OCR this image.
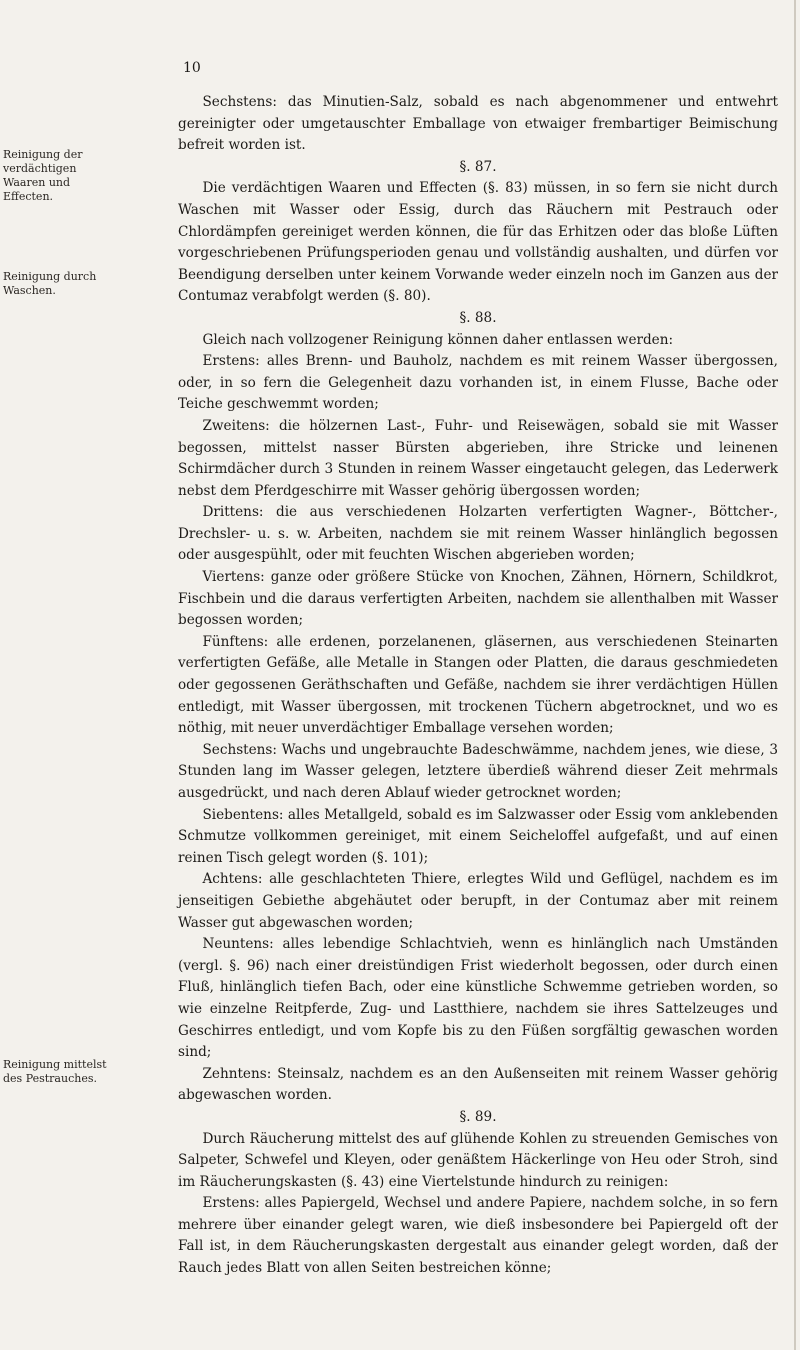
10
Reinigung der verdächtigen Waaren und Effecten.
Reinigung durch Waschen.
Reinigung mittelst des Pestrauches.

Sechstens: das Minutien-Salz, sobald es nach abgenommener und entwehrt gereinigter oder umgetauschter Emballage von etwaiger frembartiger Beimischung befreit worden ist.

§. 87.

Die verdächtigen Waaren und Effecten (§. 83) müssen, in so fern sie nicht durch Waschen mit Wasser oder Essig, durch das Räuchern mit Pestrauch oder Chlordämpfen gereiniget werden können, die für das Erhitzen oder das bloße Lüften vorgeschriebenen Prüfungsperioden genau und vollständig aushalten, und dürfen vor Beendigung derselben unter keinem Vorwande weder einzeln noch im Ganzen aus der Contumaz verabfolgt werden (§. 80).

§. 88.

Gleich nach vollzogener Reinigung können daher entlassen werden:

Erstens: alles Brenn- und Bauholz, nachdem es mit reinem Wasser übergossen, oder, in so fern die Gelegenheit dazu vorhanden ist, in einem Flusse, Bache oder Teiche geschwemmt worden;

Zweitens: die hölzernen Last-, Fuhr- und Reisewägen, sobald sie mit Wasser begossen, mittelst nasser Bürsten abgerieben, ihre Stricke und leinenen Schirmdächer durch 3 Stunden in reinem Wasser eingetaucht gelegen, das Lederwerk nebst dem Pferdgeschirre mit Wasser gehörig übergossen worden;

Drittens: die aus verschiedenen Holzarten verfertigten Wagner-, Böttcher-, Drechsler- u. s. w. Arbeiten, nachdem sie mit reinem Wasser hinlänglich begossen oder ausgespühlt, oder mit feuchten Wischen abgerieben worden;

Viertens: ganze oder größere Stücke von Knochen, Zähnen, Hörnern, Schildkrot, Fischbein und die daraus verfertigten Arbeiten, nachdem sie allenthalben mit Wasser begossen worden;

Fünftens: alle erdenen, porzelanenen, gläsernen, aus verschiedenen Steinarten verfertigten Gefäße, alle Metalle in Stangen oder Platten, die daraus geschmiedeten oder gegossenen Geräthschaften und Gefäße, nachdem sie ihrer verdächtigen Hüllen entledigt, mit Wasser übergossen, mit trockenen Tüchern abgetrocknet, und wo es nöthig, mit neuer unverdächtiger Emballage versehen worden;

Sechstens: Wachs und ungebrauchte Badeschwämme, nachdem jenes, wie diese, 3 Stunden lang im Wasser gelegen, letztere überdieß während dieser Zeit mehrmals ausgedrückt, und nach deren Ablauf wieder getrocknet worden;

Siebentens: alles Metallgeld, sobald es im Salzwasser oder Essig vom anklebenden Schmutze vollkommen gereiniget, mit einem Seicheloffel aufgefaßt, und auf einen reinen Tisch gelegt worden (§. 101);

Achtens: alle geschlachteten Thiere, erlegtes Wild und Geflügel, nachdem es im jenseitigen Gebiethe abgehäutet oder berupft, in der Contumaz aber mit reinem Wasser gut abgewaschen worden;

Neuntens: alles lebendige Schlachtvieh, wenn es hinlänglich nach Umständen (vergl. §. 96) nach einer dreistündigen Frist wiederholt begossen, oder durch einen Fluß, hinlänglich tiefen Bach, oder eine künstliche Schwemme getrieben worden, so wie einzelne Reitpferde, Zug- und Lastthiere, nachdem sie ihres Sattelzeuges und Geschirres entledigt, und vom Kopfe bis zu den Füßen sorgfältig gewaschen worden sind;

Zehntens: Steinsalz, nachdem es an den Außenseiten mit reinem Wasser gehörig abgewaschen worden.

§. 89.

Durch Räucherung mittelst des auf glühende Kohlen zu streuenden Gemisches von Salpeter, Schwefel und Kleyen, oder genäßtem Häckerlinge von Heu oder Stroh, sind im Räucherungskasten (§. 43) eine Viertelstunde hindurch zu reinigen:

Erstens: alles Papiergeld, Wechsel und andere Papiere, nachdem solche, in so fern mehrere über einander gelegt waren, wie dieß insbesondere bei Papiergeld oft der Fall ist, in dem Räucherungskasten dergestalt aus einander gelegt worden, daß der Rauch jedes Blatt von allen Seiten bestreichen könne;
